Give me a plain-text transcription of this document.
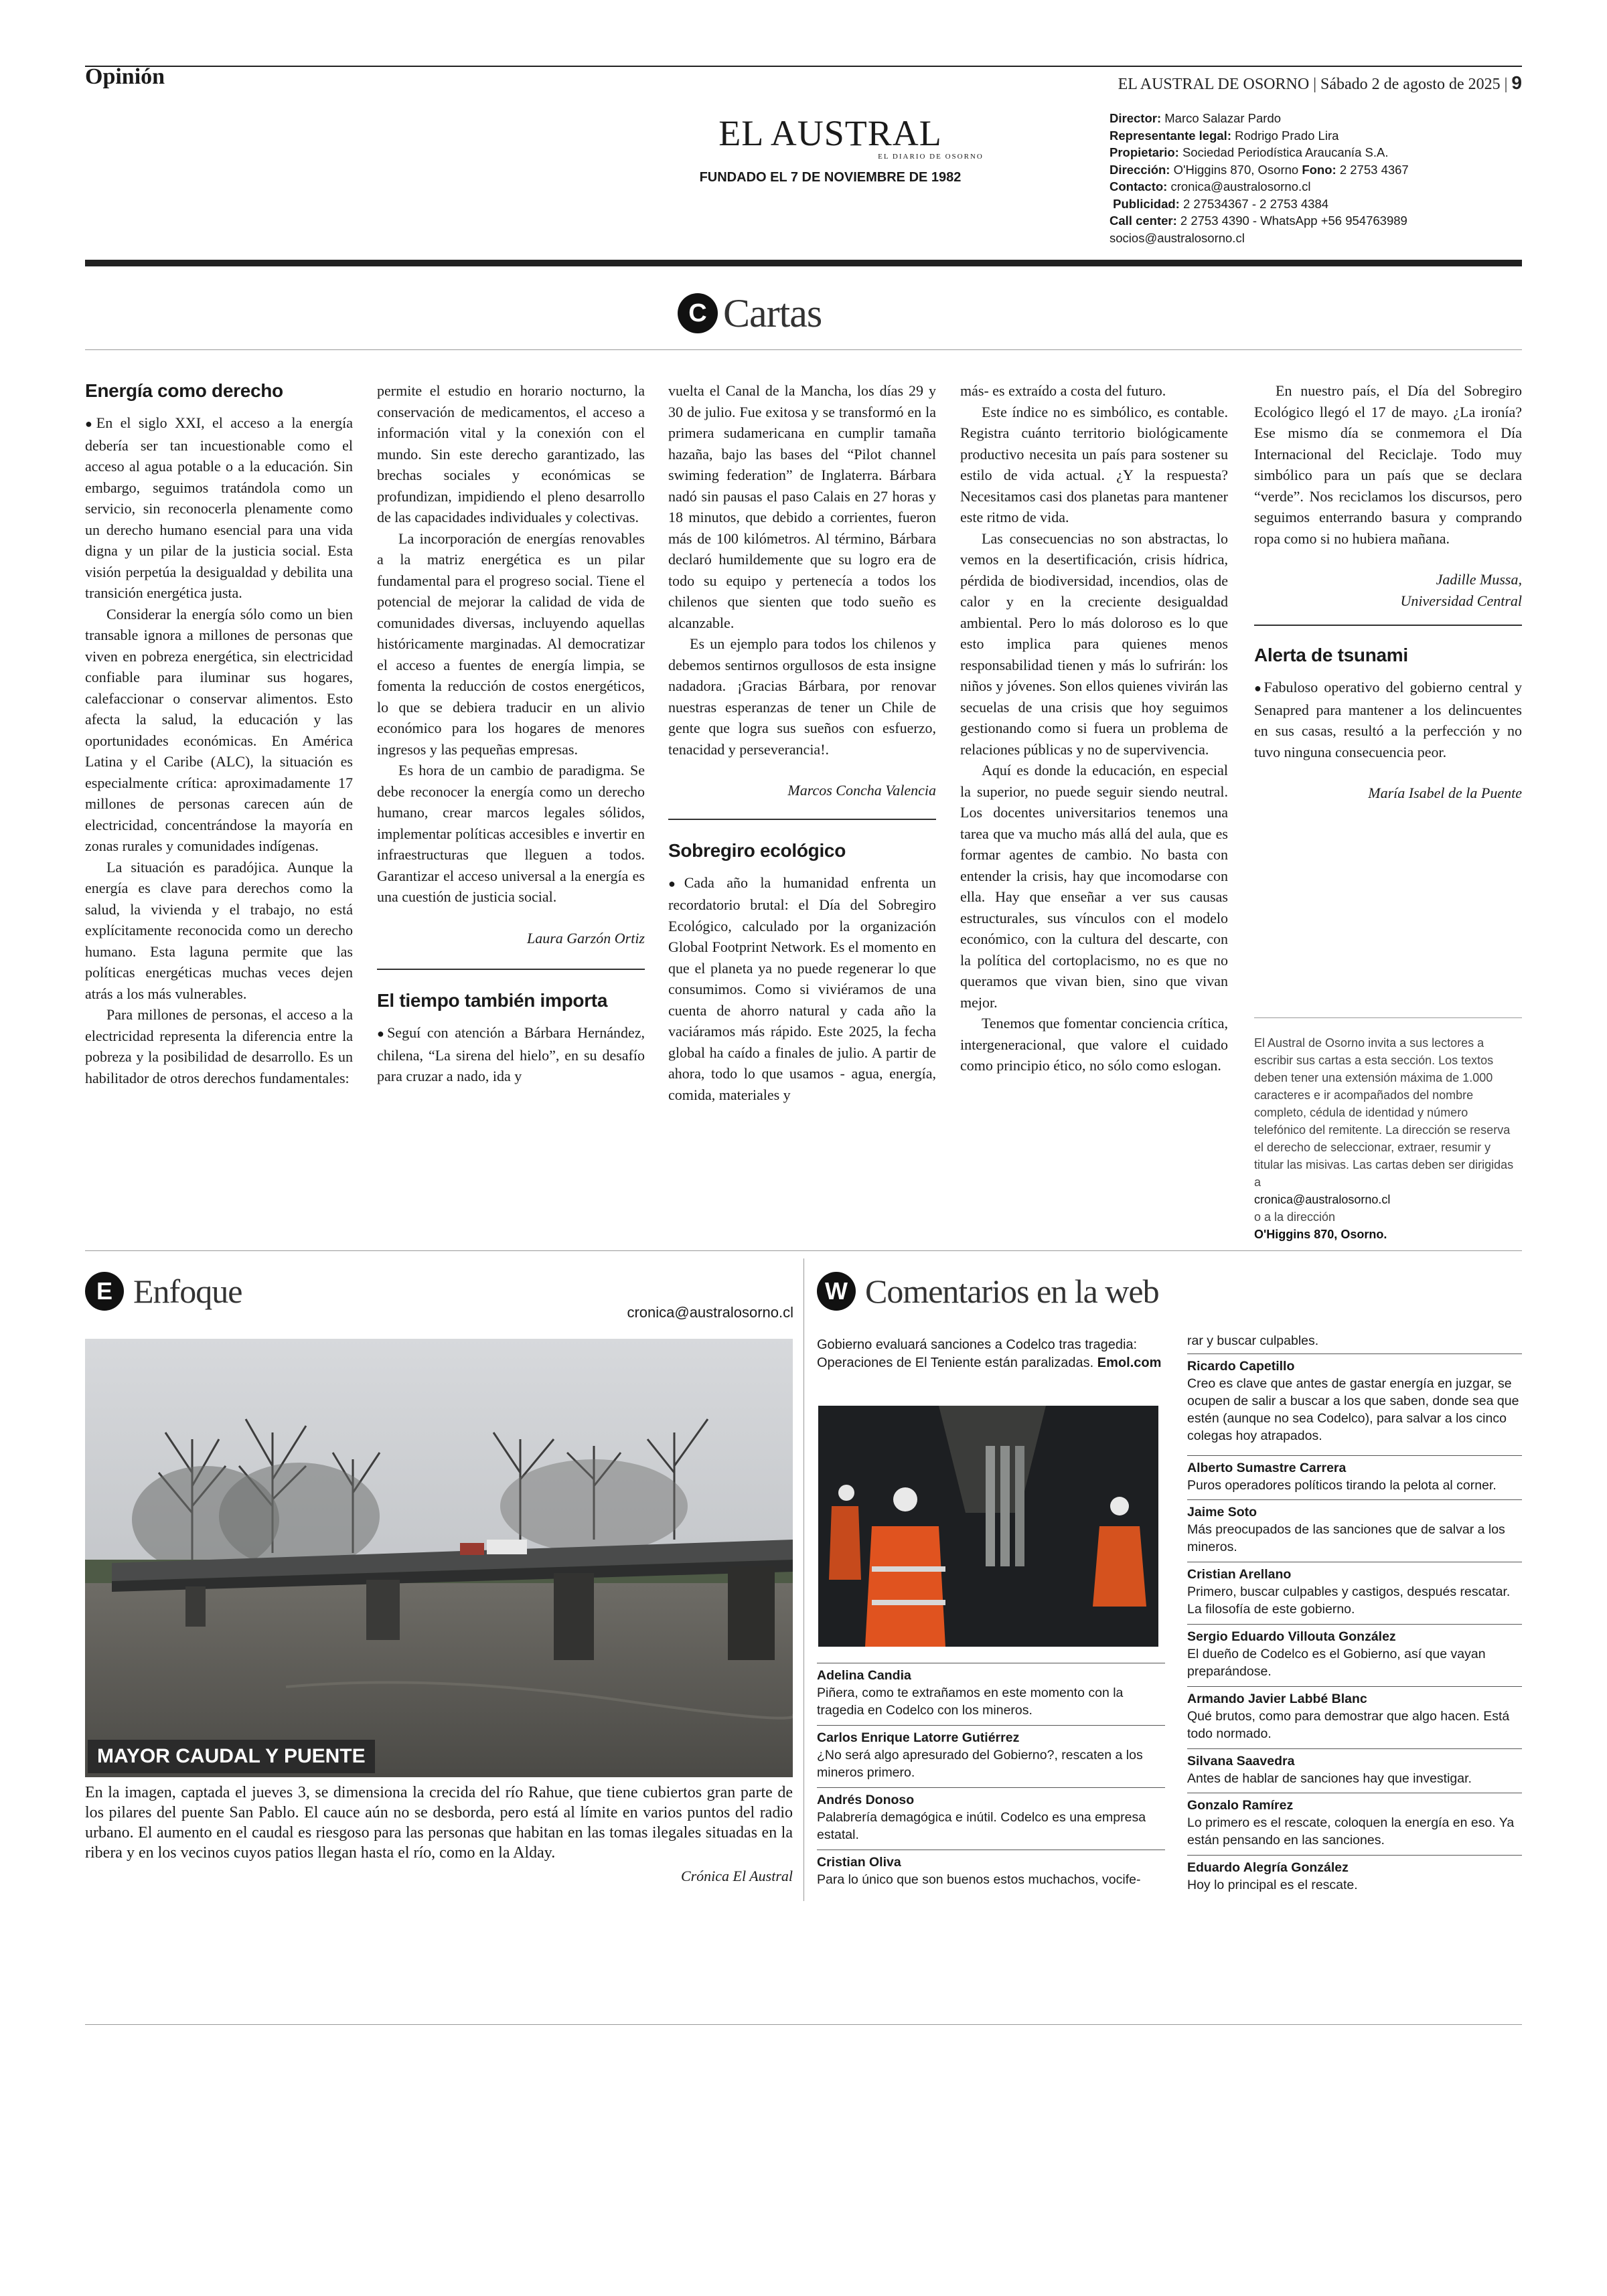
Opinión	EL AUSTRAL DE OSORNO | Sábado 2 de agosto de 2025 | 9
EL AUSTRAL
EL DIARIO DE OSORNO
FUNDADO EL 7 DE NOVIEMBRE DE 1982
Director: Marco Salazar Pardo
Representante legal: Rodrigo Prado Lira
Propietario: Sociedad Periodística Araucanía S.A.
Dirección: O'Higgins 870, Osorno Fono: 2 2753 4367
Contacto: cronica@australosorno.cl
Publicidad: 2 27534367 - 2 2753 4384
Call center: 2 2753 4390 - WhatsApp +56 954763989
socios@australosorno.cl
C Cartas
Energía como derecho

●En el siglo XXI, el acceso a la energía debería ser tan incuestionable como el acceso al agua potable o a la educación. Sin embargo, seguimos tratándola como un servicio, sin reconocerla plenamente como un derecho humano esencial para una vida digna y un pilar de la justicia social. Esta visión perpetúa la desigualdad y debilita una transición energética justa.

Considerar la energía sólo como un bien transable ignora a millones de personas que viven en pobreza energética, sin electricidad confiable para iluminar sus hogares, calefaccionar o conservar alimentos. Esto afecta la salud, la educación y las oportunidades económicas. En América Latina y el Caribe (ALC), la situación es especialmente crítica: aproximadamente 17 millones de personas carecen aún de electricidad, concentrándose la mayoría en zonas rurales y comunidades indígenas.

La situación es paradójica. Aunque la energía es clave para derechos como la salud, la vivienda y el trabajo, no está explícitamente reconocida como un derecho humano. Esta laguna permite que las políticas energéticas muchas veces dejen atrás a los más vulnerables.

Para millones de personas, el acceso a la electricidad representa la diferencia entre la pobreza y la posibilidad de desarrollo. Es un habilitador de otros derechos fundamentales:

permite el estudio en horario nocturno, la conservación de medicamentos, el acceso a información vital y la conexión con el mundo. Sin este derecho garantizado, las brechas sociales y económicas se profundizan, impidiendo el pleno desarrollo de las capacidades individuales y colectivas.

La incorporación de energías renovables a la matriz energética es un pilar fundamental para el progreso social. Tiene el potencial de mejorar la calidad de vida de comunidades diversas, incluyendo aquellas históricamente marginadas. Al democratizar el acceso a fuentes de energía limpia, se fomenta la reducción de costos energéticos, lo que se debiera traducir en un alivio económico para los hogares de menores ingresos y las pequeñas empresas.

Es hora de un cambio de paradigma. Se debe reconocer la energía como un derecho humano, crear marcos legales sólidos, implementar políticas accesibles e invertir en infraestructuras que lleguen a todos. Garantizar el acceso universal a la energía es una cuestión de justicia social.

Laura Garzón Ortiz
El tiempo también importa

●Seguí con atención a Bárbara Hernández, chilena, “La sirena del hielo”, en su desafío para cruzar a nado, ida y

vuelta el Canal de la Mancha, los días 29 y 30 de julio. Fue exitosa y se transformó en la primera sudamericana en cumplir tamaña hazaña, bajo las bases del “Pilot channel swiming federation” de Inglaterra. Bárbara nadó sin pausas el paso Calais en 27 horas y 18 minutos, que debido a corrientes, fueron más de 100 kilómetros. Al término, Bárbara declaró humildemente que su logro era de todo su equipo y pertenecía a todos los chilenos que sienten que todo sueño es alcanzable.

Es un ejemplo para todos los chilenos y debemos sentirnos orgullosos de esta insigne nadadora. ¡Gracias Bárbara, por renovar nuestras esperanzas de tener un Chile de gente que logra sus sueños con esfuerzo, tenacidad y perseverancia!.

Marcos Concha Valencia
Sobregiro ecológico

●Cada año la humanidad enfrenta un recordatorio brutal: el Día del Sobregiro Ecológico, calculado por la organización Global Footprint Network. Es el momento en que el planeta ya no puede regenerar lo que consumimos. Como si viviéramos de una cuenta de ahorro natural y cada año la vaciáramos más rápido. Este 2025, la fecha global ha caído a finales de julio. A partir de ahora, todo lo que usamos - agua, energía, comida, materiales y

más- es extraído a costa del futuro.

Este índice no es simbólico, es contable. Registra cuánto territorio biológicamente productivo necesita un país para sostener su estilo de vida actual. ¿Y la respuesta? Necesitamos casi dos planetas para mantener este ritmo de vida.

Las consecuencias no son abstractas, lo vemos en la desertificación, crisis hídrica, pérdida de biodiversidad, incendios, olas de calor y en la creciente desigualdad ambiental. Pero lo más doloroso es lo que esto implica para quienes menos responsabilidad tienen y más lo sufrirán: los niños y jóvenes. Son ellos quienes vivirán las secuelas de una crisis que hoy seguimos gestionando como si fuera un problema de relaciones públicas y no de supervivencia.

Aquí es donde la educación, en especial la superior, no puede seguir siendo neutral. Los docentes universitarios tenemos una tarea que va mucho más allá del aula, que es formar agentes de cambio. No basta con entender la crisis, hay que incomodarse con ella. Hay que enseñar a ver sus causas estructurales, sus vínculos con el modelo económico, con la cultura del descarte, con la política del cortoplacismo, no es que no queramos que vivan bien, sino que vivan mejor.

Tenemos que fomentar conciencia crítica, intergeneracional, que valore el cuidado como principio ético, no sólo como eslogan.

En nuestro país, el Día del Sobregiro Ecológico llegó el 17 de mayo. ¿La ironía? Ese mismo día se conmemora el Día Internacional del Reciclaje. Todo muy simbólico para un país que se declara “verde”. Nos reciclamos los discursos, pero seguimos enterrando basura y comprando ropa como si no hubiera mañana.

Jadille Mussa,
Universidad Central
Alerta de tsunami

●Fabuloso operativo del gobierno central y Senapred para mantener a los delincuentes en sus casas, resultó a la perfección y no tuvo ninguna consecuencia peor.

María Isabel de la Puente
El Austral de Osorno invita a sus lectores a escribir sus cartas a esta sección. Los textos deben tener una extensión máxima de 1.000 caracteres e ir acompañados del nombre completo, cédula de identidad y número telefónico del remitente. La dirección se reserva el derecho de seleccionar, extraer, resumir y titular las misivas. Las cartas deben ser dirigidas a
cronica@australosorno.cl
o a la dirección
O'Higgins 870, Osorno.
E Enfoque
cronica@australosorno.cl
MAYOR CAUDAL Y PUENTE
En la imagen, captada el jueves 3, se dimensiona la crecida del río Rahue, que tiene cubiertos gran parte de los pilares del puente San Pablo. El cauce aún no se desborda, pero está al límite en varios puntos del radio urbano. El aumento en el caudal es riesgoso para las personas que habitan en las tomas ilegales situadas en la ribera y en los vecinos cuyos patios llegan hasta el río, como en la Alday.
Crónica El Austral
W Comentarios en la web
Gobierno evaluará sanciones a Codelco tras tragedia: Operaciones de El Teniente están paralizadas. Emol.com
Adelina Candia
Piñera, como te extrañamos en este momento con la tragedia en Codelco con los mineros.
Carlos Enrique Latorre Gutiérrez
¿No será algo apresurado del Gobierno?, rescaten a los mineros primero.
Andrés Donoso
Palabrería demagógica e inútil. Codelco es una empresa estatal.
Cristian Oliva
Para lo único que son buenos estos muchachos, vocife-
rar y buscar culpables.
Ricardo Capetillo
Creo es clave que antes de gastar energía en juzgar, se ocupen de salir a buscar a los que saben, donde sea que estén (aunque no sea Codelco), para salvar a los cinco colegas hoy atrapados.
Alberto Sumastre Carrera
Puros operadores políticos tirando la pelota al corner.
Jaime Soto
Más preocupados de las sanciones que de salvar a los mineros.
Cristian Arellano
Primero, buscar culpables y castigos, después rescatar. La filosofía de este gobierno.
Sergio Eduardo Villouta González
El dueño de Codelco es el Gobierno, así que vayan preparándose.
Armando Javier Labbé Blanc
Qué brutos, como para demostrar que algo hacen. Está todo normado.
Silvana Saavedra
Antes de hablar de sanciones hay que investigar.
Gonzalo Ramírez
Lo primero es el rescate, coloquen la energía en eso. Ya están pensando en las sanciones.
Eduardo Alegría González
Hoy lo principal es el rescate.
